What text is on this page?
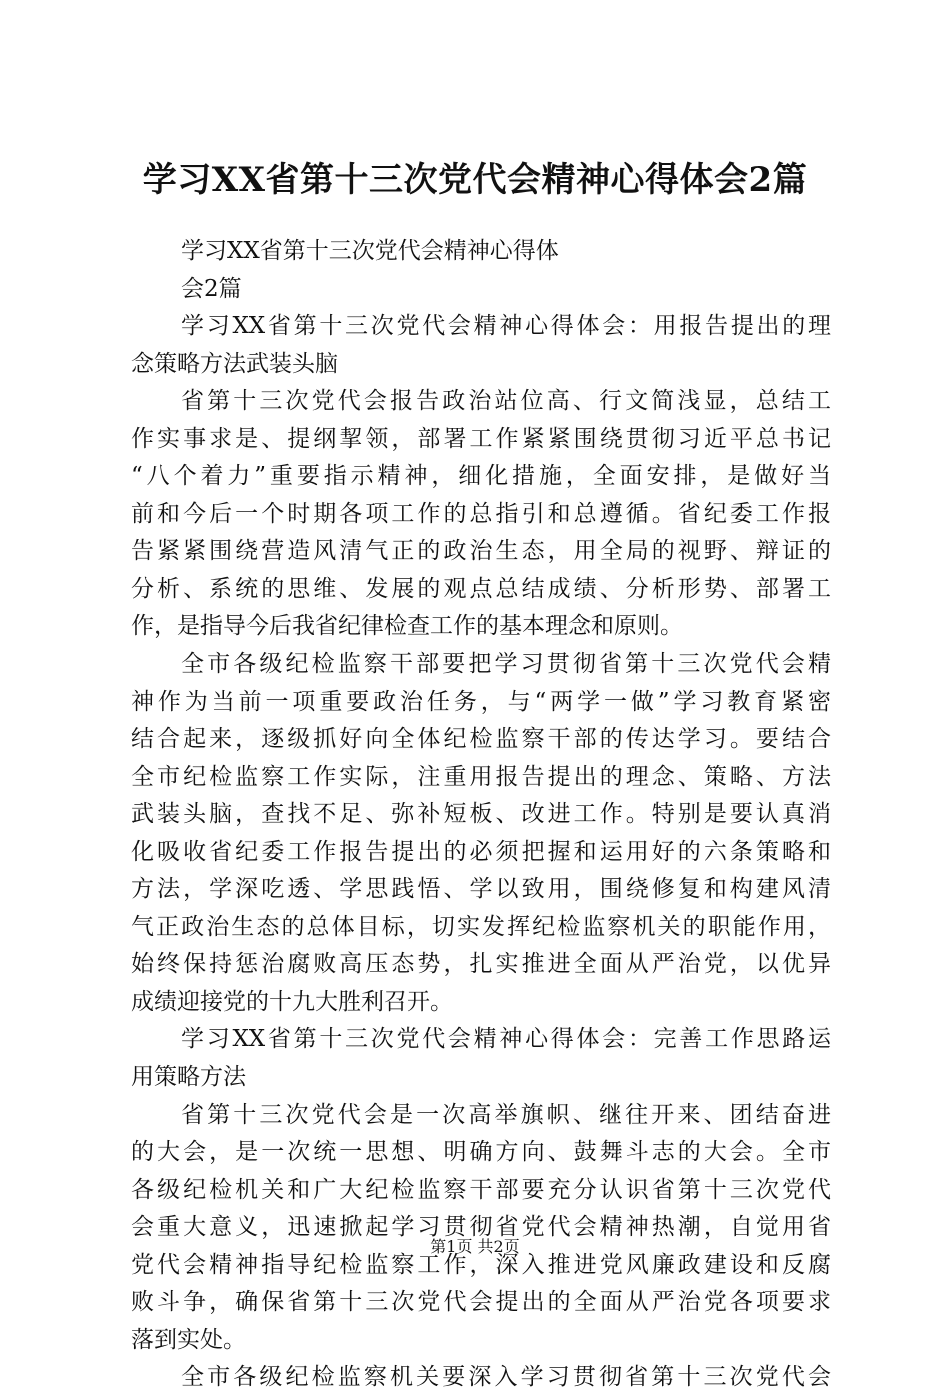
学习XX省第十三次党代会精神心得体会2篇
学习XX省第十三次党代会精神心得体
会2篇
学习XX省第十三次党代会精神心得体会：用报告提出的理
念策略方法武装头脑
省第十三次党代会报告政治站位高、行文简浅显，总结工
作实事求是、提纲挈领，部署工作紧紧围绕贯彻习近平总书记
“八个着力”重要指示精神，细化措施，全面安排，是做好当
前和今后一个时期各项工作的总指引和总遵循。省纪委工作报
告紧紧围绕营造风清气正的政治生态，用全局的视野、辩证的
分析、系统的思维、发展的观点总结成绩、分析形势、部署工
作，是指导今后我省纪律检查工作的基本理念和原则。
全市各级纪检监察干部要把学习贯彻省第十三次党代会精
神作为当前一项重要政治任务，与“两学一做”学习教育紧密
结合起来，逐级抓好向全体纪检监察干部的传达学习。要结合
全市纪检监察工作实际，注重用报告提出的理念、策略、方法
武装头脑，查找不足、弥补短板、改进工作。特别是要认真消
化吸收省纪委工作报告提出的必须把握和运用好的六条策略和
方法，学深吃透、学思践悟、学以致用，围绕修复和构建风清
气正政治生态的总体目标，切实发挥纪检监察机关的职能作用，
始终保持惩治腐败高压态势，扎实推进全面从严治党，以优异
成绩迎接党的十九大胜利召开。
学习XX省第十三次党代会精神心得体会：完善工作思路运
用策略方法
省第十三次党代会是一次高举旗帜、继往开来、团结奋进
的大会，是一次统一思想、明确方向、鼓舞斗志的大会。全市
各级纪检机关和广大纪检监察干部要充分认识省第十三次党代
会重大意义，迅速掀起学习贯彻省党代会精神热潮，自觉用省
党代会精神指导纪检监察工作，深入推进党风廉政建设和反腐
败斗争，确保省第十三次党代会提出的全面从严治党各项要求
落到实处。
全市各级纪检监察机关要深入学习贯彻省第十三次党代会
第1页 共2页
